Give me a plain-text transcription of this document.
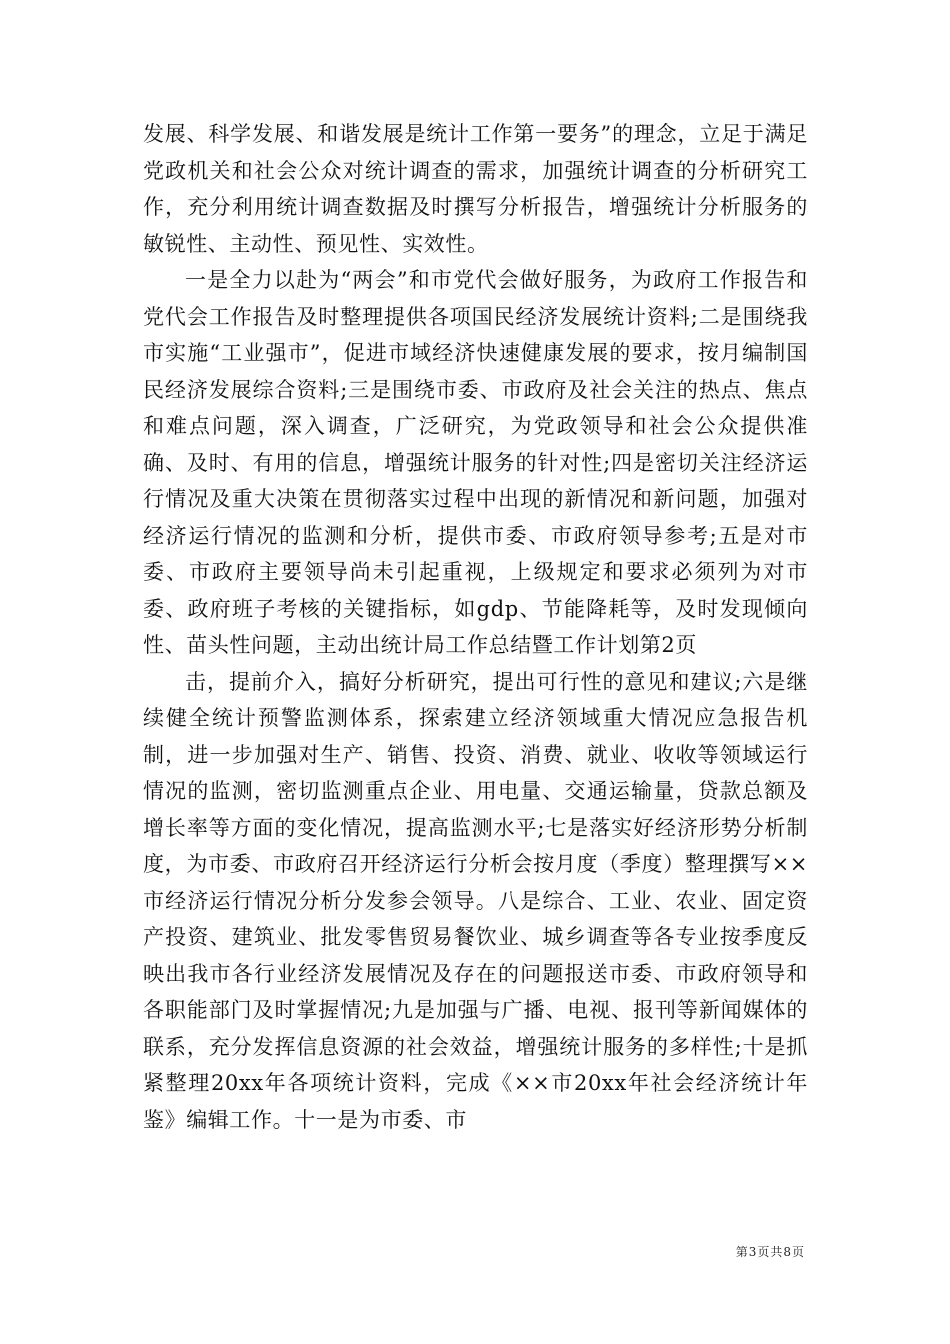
发展、科学发展、和谐发展是统计工作第一要务”的理念，立足于满足党政机关和社会公众对统计调查的需求，加强统计调查的分析研究工作，充分利用统计调查数据及时撰写分析报告，增强统计分析服务的敏锐性、主动性、预见性、实效性。

一是全力以赴为“两会”和市党代会做好服务，为政府工作报告和党代会工作报告及时整理提供各项国民经济发展统计资料;二是围绕我市实施“工业强市”，促进市域经济快速健康发展的要求，按月编制国民经济发展综合资料;三是围绕市委、市政府及社会关注的热点、焦点和难点问题，深入调查，广泛研究，为党政领导和社会公众提供准确、及时、有用的信息，增强统计服务的针对性;四是密切关注经济运行情况及重大决策在贯彻落实过程中出现的新情况和新问题，加强对经济运行情况的监测和分析，提供市委、市政府领导参考;五是对市委、市政府主要领导尚未引起重视，上级规定和要求必须列为对市委、政府班子考核的关键指标，如gdp、节能降耗等，及时发现倾向性、苗头性问题，主动出统计局工作总结暨工作计划第2页

击，提前介入，搞好分析研究，提出可行性的意见和建议;六是继续健全统计预警监测体系，探索建立经济领域重大情况应急报告机制，进一步加强对生产、销售、投资、消费、就业、收收等领域运行情况的监测，密切监测重点企业、用电量、交通运输量，贷款总额及增长率等方面的变化情况，提高监测水平;七是落实好经济形势分析制度，为市委、市政府召开经济运行分析会按月度（季度）整理撰写××市经济运行情况分析分发参会领导。八是综合、工业、农业、固定资产投资、建筑业、批发零售贸易餐饮业、城乡调查等各专业按季度反映出我市各行业经济发展情况及存在的问题报送市委、市政府领导和各职能部门及时掌握情况;九是加强与广播、电视、报刊等新闻媒体的联系，充分发挥信息资源的社会效益，增强统计服务的多样性;十是抓紧整理20xx年各项统计资料，完成《××市20xx年社会经济统计年鉴》编辑工作。十一是为市委、市

第3页共8页
